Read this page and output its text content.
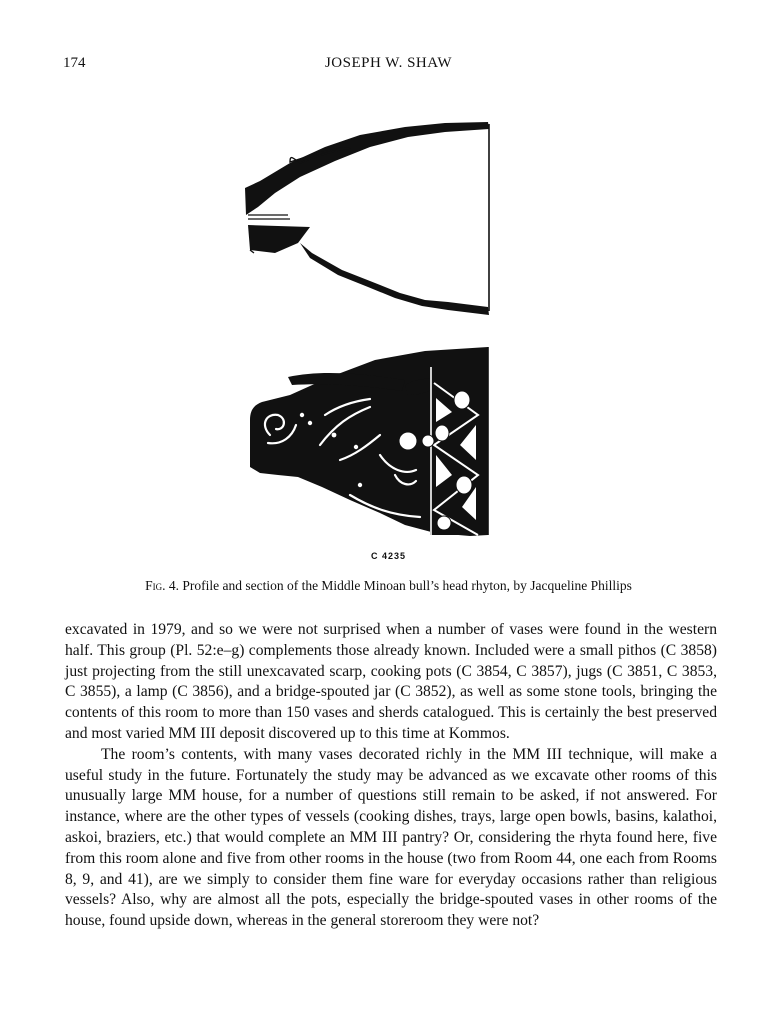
174	JOSEPH W. SHAW
C 4235
Fig. 4. Profile and section of the Middle Minoan bull’s head rhyton, by Jacqueline Phillips

excavated in 1979, and so we were not surprised when a number of vases were found in the western half. This group (Pl. 52:e–g) complements those already known. Included were a small pithos (C 3858) just projecting from the still unexcavated scarp, cooking pots (C 3854, C 3857), jugs (C 3851, C 3853, C 3855), a lamp (C 3856), and a bridge-spouted jar (C 3852), as well as some stone tools, bringing the contents of this room to more than 150 vases and sherds catalogued. This is certainly the best preserved and most varied MM III deposit discovered up to this time at Kommos.

The room’s contents, with many vases decorated richly in the MM III technique, will make a useful study in the future. Fortunately the study may be advanced as we excavate other rooms of this unusually large MM house, for a number of questions still remain to be asked, if not answered. For instance, where are the other types of vessels (cooking dishes, trays, large open bowls, basins, kalathoi, askoi, braziers, etc.) that would complete an MM III pantry? Or, considering the rhyta found here, five from this room alone and five from other rooms in the house (two from Room 44, one each from Rooms 8, 9, and 41), are we simply to consider them fine ware for everyday occasions rather than religious vessels? Also, why are almost all the pots, especially the bridge-spouted vases in other rooms of the house, found upside down, whereas in the general storeroom they were not?
